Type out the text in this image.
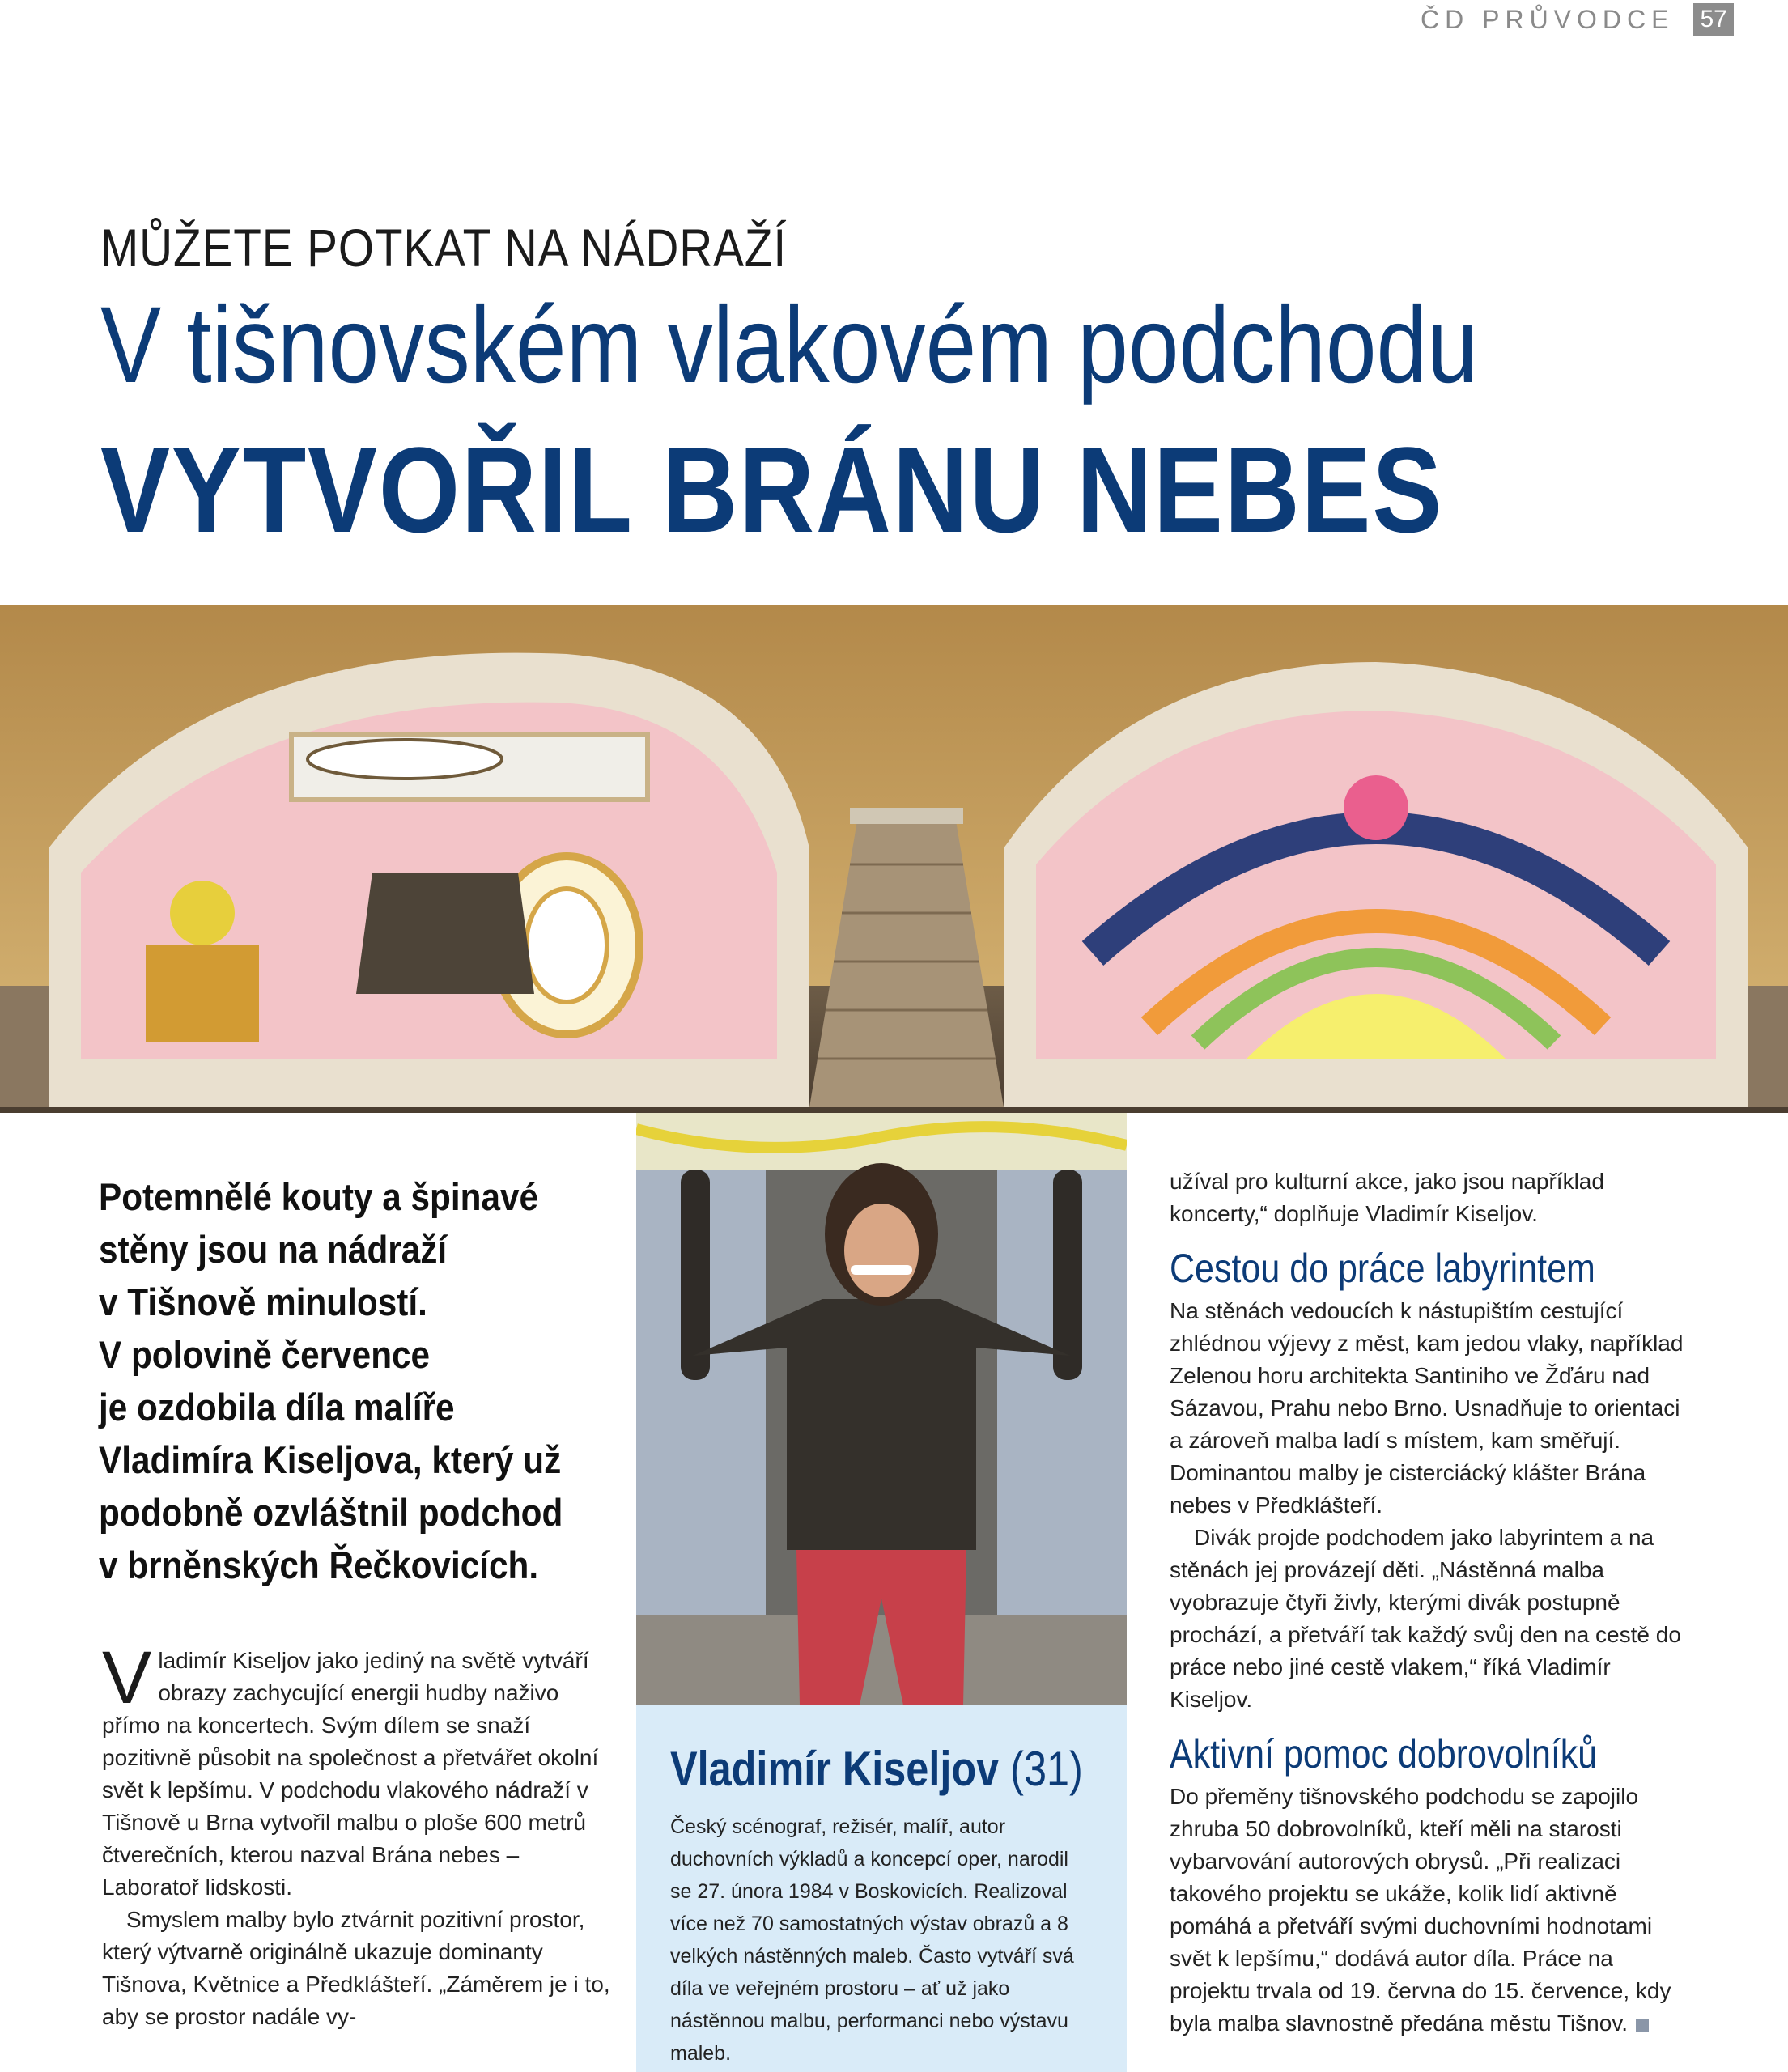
ČD PRŮVODCE 57
MŮŽETE POTKAT NA NÁDRAŽÍ
V tišnovském vlakovém podchodu
VYTVOŘIL BRÁNU NEBES
Vladimír Kiseljov (31)
Český scénograf, režisér, malíř, autor duchovních výkladů a koncepcí oper, narodil se 27. února 1984 v Boskovicích. Realizoval více než 70 samostatných výstav obrazů a 8 velkých nástěnných maleb. Často vytváří svá díla ve veřejném prostoru – ať už jako nástěnnou malbu, performanci nebo výstavu maleb.

Potemnělé kouty a špinavé

stěny jsou na nádraží

v Tišnově minulostí.

V polovině července

je ozdobila díla malíře

Vladimíra Kiseljova, který už

podobně ozvláštnil podchod

v brněnských Řečkovicích.

Vladimír Kiseljov jako jediný na světě vytváří obrazy zachycující energii hudby naživo přímo na koncertech. Svým dílem se snaží pozitivně působit na společnost a přetvářet okolní svět k lepšímu. V podchodu vlakového nádraží v Tišnově u Brna vytvořil malbu o ploše 600 metrů čtverečních, kterou nazval Brána nebes – Laboratoř lidskosti.

Smyslem malby bylo ztvárnit pozitivní prostor, který výtvarně originálně ukazuje dominanty Tišnova, Květnice a Předklášteří. „Záměrem je i to, aby se prostor nadále vy-

užíval pro kulturní akce, jako jsou například koncerty,“ doplňuje Vladimír Kiseljov.

Cestou do práce labyrintem

Na stěnách vedoucích k nástupištím cestující zhlédnou výjevy z měst, kam jedou vlaky, například Zelenou horu architekta Santiniho ve Žďáru nad Sázavou, Prahu nebo Brno. Usnadňuje to orientaci a zároveň malba ladí s místem, kam směřují. Dominantou malby je cisterciácký klášter Brána nebes v Předklášteří.

Divák projde podchodem jako labyrintem a na stěnách jej provázejí děti. „Nástěnná malba vyobrazuje čtyři živly, kterými divák postupně prochází, a přetváří tak každý svůj den na cestě do práce nebo jiné cestě vlakem,“ říká Vladimír Kiseljov.

Aktivní pomoc dobrovolníků

Do přeměny tišnovského podchodu se zapojilo zhruba 50 dobrovolníků, kteří měli na starosti vybarvování autorových obrysů. „Při realizaci takového projektu se ukáže, kolik lidí aktivně pomáhá a přetváří svými duchovními hodnotami svět k lepšímu,“ dodává autor díla. Práce na projektu trvala od 19. června do 15. července, kdy byla malba slavnostně předána městu Tišnov.
